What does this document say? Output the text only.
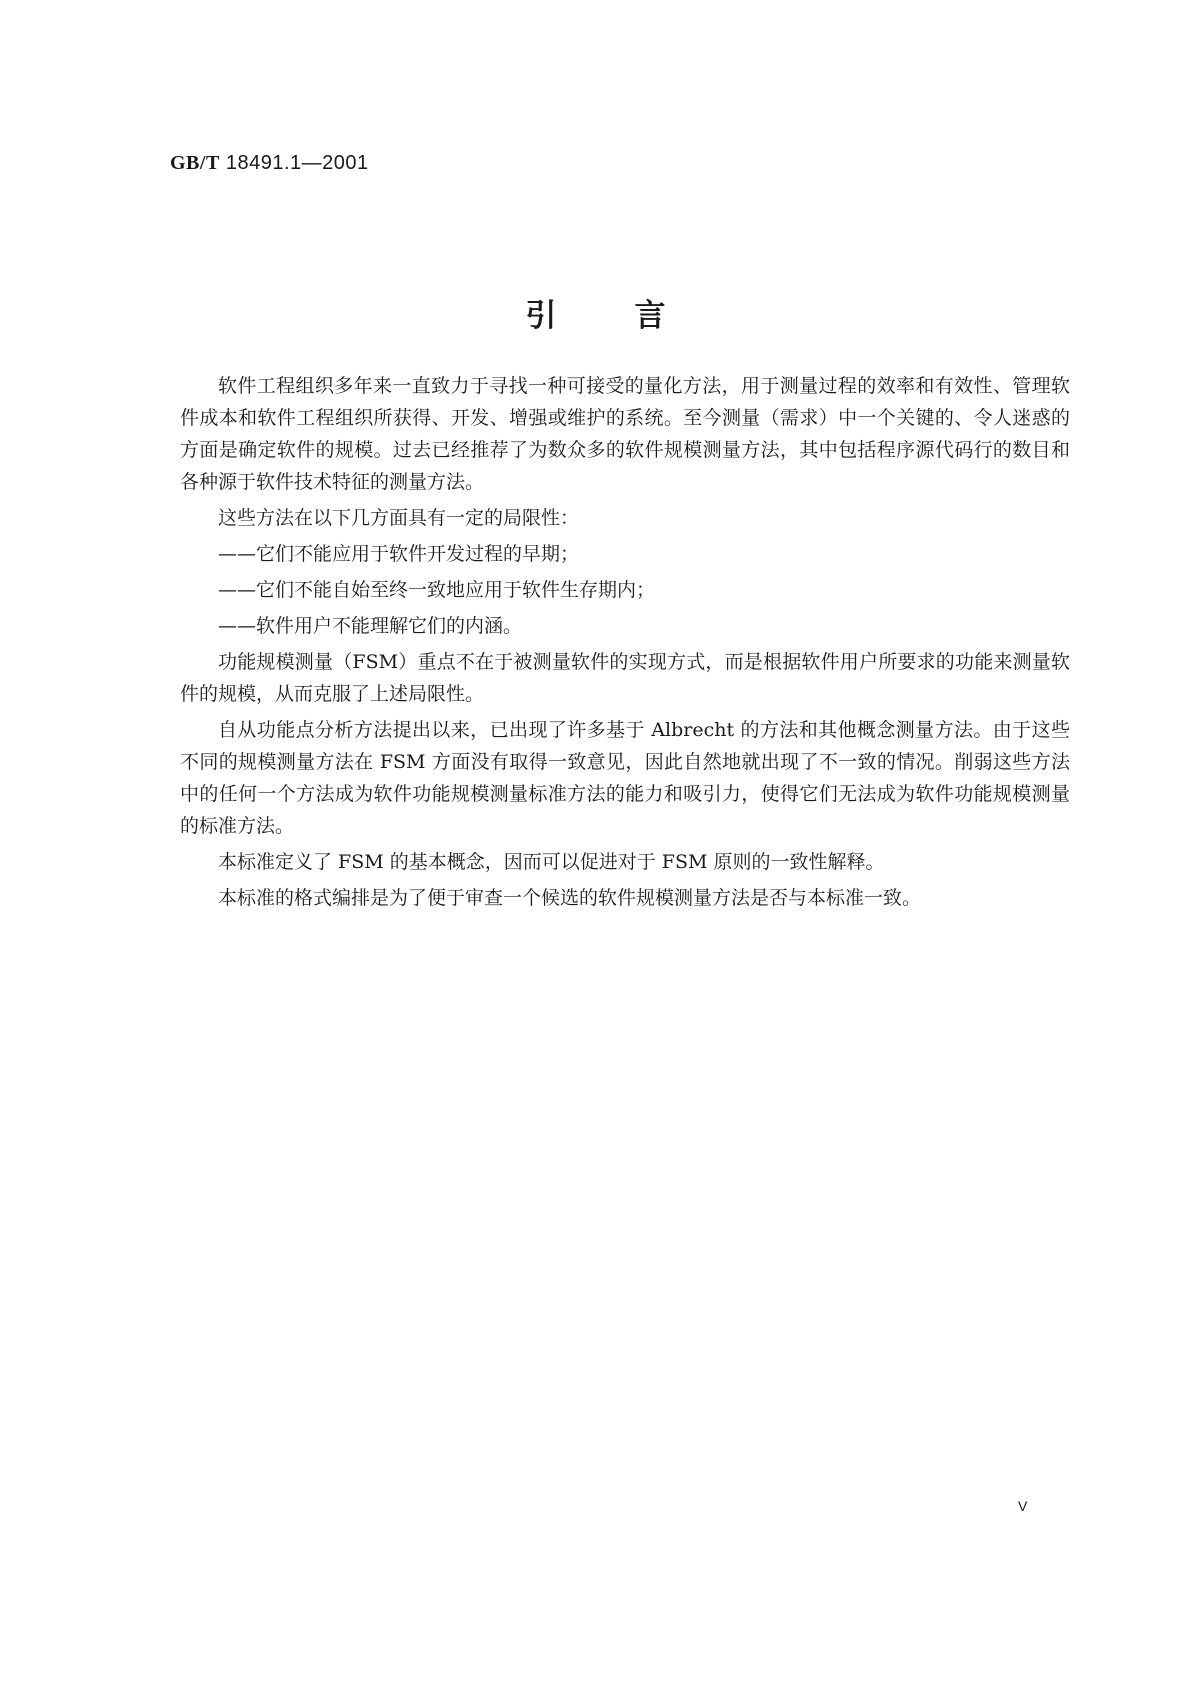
GB/T 18491.1—2001
引言

软件工程组织多年来一直致力于寻找一种可接受的量化方法，用于测量过程的效率和有效性、管理软件成本和软件工程组织所获得、开发、增强或维护的系统。至今测量（需求）中一个关键的、令人迷惑的方面是确定软件的规模。过去已经推荐了为数众多的软件规模测量方法，其中包括程序源代码行的数目和各种源于软件技术特征的测量方法。

这些方法在以下几方面具有一定的局限性：

——它们不能应用于软件开发过程的早期；

——它们不能自始至终一致地应用于软件生存期内；

——软件用户不能理解它们的内涵。

功能规模测量（FSM）重点不在于被测量软件的实现方式，而是根据软件用户所要求的功能来测量软件的规模，从而克服了上述局限性。

自从功能点分析方法提出以来，已出现了许多基于 Albrecht 的方法和其他概念测量方法。由于这些不同的规模测量方法在 FSM 方面没有取得一致意见，因此自然地就出现了不一致的情况。削弱这些方法中的任何一个方法成为软件功能规模测量标准方法的能力和吸引力，使得它们无法成为软件功能规模测量的标准方法。

本标准定义了 FSM 的基本概念，因而可以促进对于 FSM 原则的一致性解释。

本标准的格式编排是为了便于审查一个候选的软件规模测量方法是否与本标准一致。

V
